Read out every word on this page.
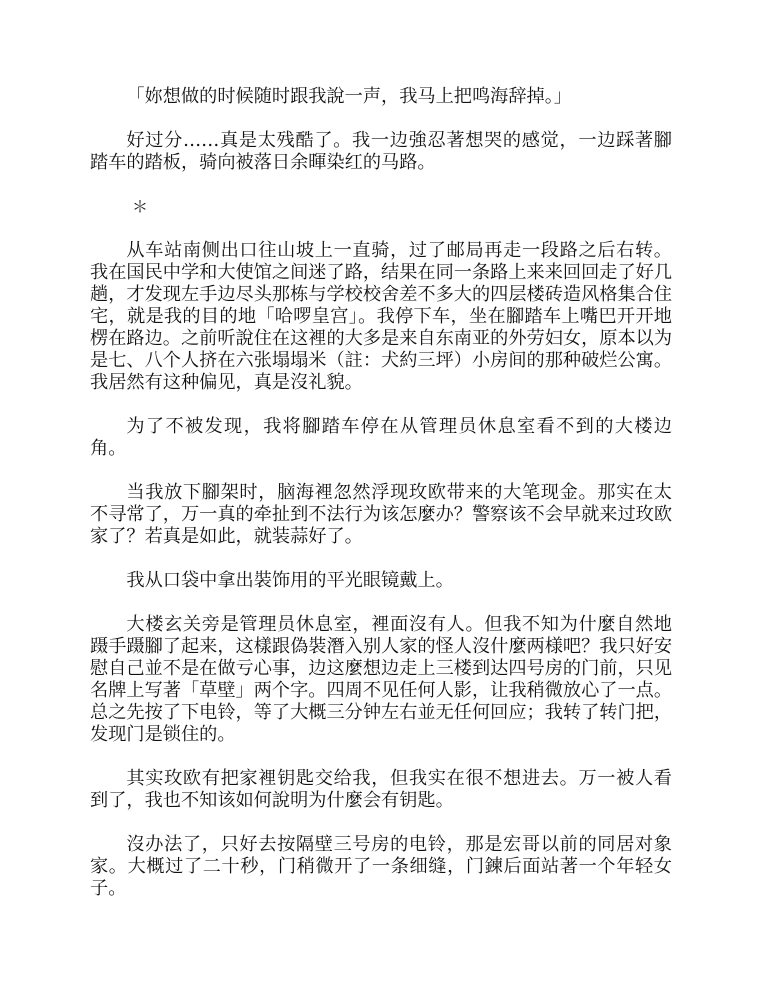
「妳想做的时候随时跟我說一声，我马上把鸣海辞掉。」

好过分……真是太残酷了。我一边強忍著想哭的感觉，一边踩著腳踏车的踏板，骑向被落日余暉染红的马路。

＊

从车站南侧出口往山坡上一直骑，过了邮局再走一段路之后右转。我在国民中学和大使馆之间迷了路，结果在同一条路上来来回回走了好几趟，才发现左手边尽头那栋与学校校舍差不多大的四层楼砖造风格集合住宅，就是我的目的地「哈啰皇宫」。我停下车，坐在腳踏车上嘴巴开开地楞在路边。之前听說住在这裡的大多是来自东南亚的外劳妇女，原本以为是七、八个人挤在六张塌塌米（註：犬約三坪）小房间的那种破烂公寓。我居然有这种偏见，真是沒礼貌。

为了不被发现，我将腳踏车停在从管理员休息室看不到的大楼边角。

当我放下腳架时，脑海裡忽然浮现玫欧带来的大笔现金。那实在太不寻常了，万一真的牵扯到不法行为该怎麼办？警察该不会早就来过玫欧家了？若真是如此，就装蒜好了。

我从口袋中拿出裝饰用的平光眼镜戴上。

大楼玄关旁是管理员休息室，裡面沒有人。但我不知为什麼自然地蹑手蹑腳了起来，这樣跟偽裝潛入别人家的怪人沒什麼两様吧？我只好安慰自己並不是在做亏心事，边这麼想边走上三楼到达四号房的门前，只见名牌上写著「草壁」两个字。四周不见任何人影，让我稍微放心了一点。总之先按了下电铃，等了大概三分钟左右並无任何回应；我转了转门把，发现门是锁住的。

其实玫欧有把家裡钥匙交给我，但我实在很不想进去。万一被人看到了，我也不知该如何說明为什麼会有钥匙。

沒办法了，只好去按隔壁三号房的电铃，那是宏哥以前的同居对象家。大概过了二十秒，门稍微开了一条细缝，门鍊后面站著一个年轻女子。
